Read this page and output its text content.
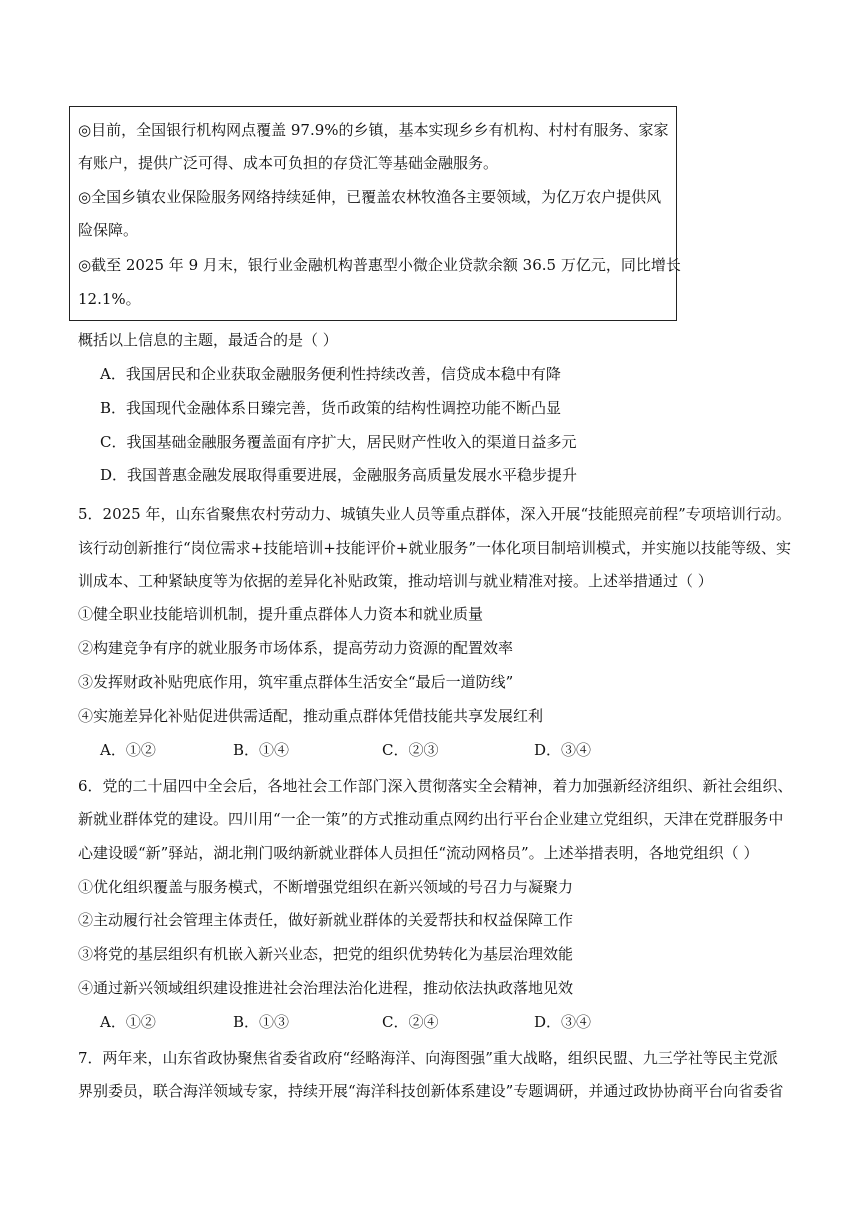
◎目前，全国银行机构网点覆盖 97.9%的乡镇，基本实现乡乡有机构、村村有服务、家家
有账户，提供广泛可得、成本可负担的存贷汇等基础金融服务。
◎全国乡镇农业保险服务网络持续延伸，已覆盖农林牧渔各主要领域，为亿万农户提供风
险保障。
◎截至 2025 年 9 月末，银行业金融机构普惠型小微企业贷款余额 36.5 万亿元，同比增长
12.1%。
概括以上信息的主题，最适合的是（ ）
A．我国居民和企业获取金融服务便利性持续改善，信贷成本稳中有降
B．我国现代金融体系日臻完善，货币政策的结构性调控功能不断凸显
C．我国基础金融服务覆盖面有序扩大，居民财产性收入的渠道日益多元
D．我国普惠金融发展取得重要进展，金融服务高质量发展水平稳步提升
5．2025 年，山东省聚焦农村劳动力、城镇失业人员等重点群体，深入开展“技能照亮前程”专项培训行动。
该行动创新推行“岗位需求+技能培训+技能评价+就业服务”一体化项目制培训模式，并实施以技能等级、实
训成本、工种紧缺度等为依据的差异化补贴政策，推动培训与就业精准对接。上述举措通过（ ）
①健全职业技能培训机制，提升重点群体人力资本和就业质量
②构建竞争有序的就业服务市场体系，提高劳动力资源的配置效率
③发挥财政补贴兜底作用，筑牢重点群体生活安全“最后一道防线”
④实施差异化补贴促进供需适配，推动重点群体凭借技能共享发展红利
A．①②	B．①④	C．②③	D．③④
6．党的二十届四中全会后，各地社会工作部门深入贯彻落实全会精神，着力加强新经济组织、新社会组织、
新就业群体党的建设。四川用“一企一策”的方式推动重点网约出行平台企业建立党组织，天津在党群服务中
心建设暖“新”驿站，湖北荆门吸纳新就业群体人员担任“流动网格员”。上述举措表明，各地党组织（ ）
①优化组织覆盖与服务模式，不断增强党组织在新兴领域的号召力与凝聚力
②主动履行社会管理主体责任，做好新就业群体的关爱帮扶和权益保障工作
③将党的基层组织有机嵌入新兴业态，把党的组织优势转化为基层治理效能
④通过新兴领域组织建设推进社会治理法治化进程，推动依法执政落地见效
A．①②	B．①③	C．②④	D．③④
7．两年来，山东省政协聚焦省委省政府“经略海洋、向海图强”重大战略，组织民盟、九三学社等民主党派
界别委员，联合海洋领域专家，持续开展“海洋科技创新体系建设”专题调研，并通过政协协商平台向省委省
